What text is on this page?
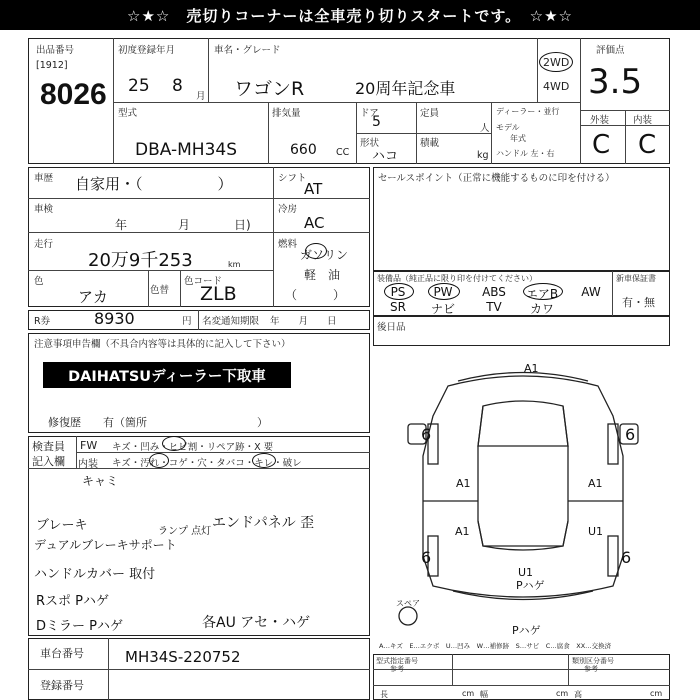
☆★☆　売切りコーナーは全車売り切りスタートです。　☆★☆
出品番号
[1912]
8026
初度登録年月
25 8
月
車名・グレード
ワゴンR	20周年記念車
2WD
4WD
評価点
3.5
外装	内装
C C
型式
DBA-MH34S
排気量
660 CC
ドア
5
定員
人
形状
ハコ
積載
kg
ディーラー・並行
モデル
年式
ハンドル 左・右
車歴 自家用・（　　　　　）
車検
年	月	日)
走行
20万9千253	km
色
アカ	色替
色コード
ZLB
シフト
AT
冷房
AC
燃料
ガソリン
軽　油
（　　　）
R券	8930	円 名変通知期限 年　　月　　日
セールスポイント（正常に機能するものに印を付ける）
装備品（純正品に限り印を付けてください）	新車保証書
有・無
PS	PW	ABS	エアB	AW
SR	ナビ	TV	カワ
後日品
注意事項申告欄（不具合内容等は具体的に記入して下さい）
DAIHATSUディーラー下取車
修復歴　　有（箇所　　　　　　　　　　）
検査員
記入欄
FW キズ・凹み・ヒビ割・リペア跡・X 要
内装 キズ・汚れ・コゲ・穴・タバコ・キレ・破レ
キャミ
ブレーキ
デュアルブレーキサポート
ランプ 点灯
エンドパネル 歪
ハンドルカバー 取付
Rスポ Pハゲ
Dミラー Pハゲ	各AU アセ・ハゲ
車台番号	MH34S-220752
登録番号
A1
6	6
A1	A1
A1	U1
6	6
U1
Pハゲ
Pハゲ
スペア
A…キズ　E…エクボ　U…凹み　W…補修跡　S…サビ　C…腐食　XX…交換済
型式指定番号
参考
類別区分番号
参考
長	cm 幅	cm 高	cm
